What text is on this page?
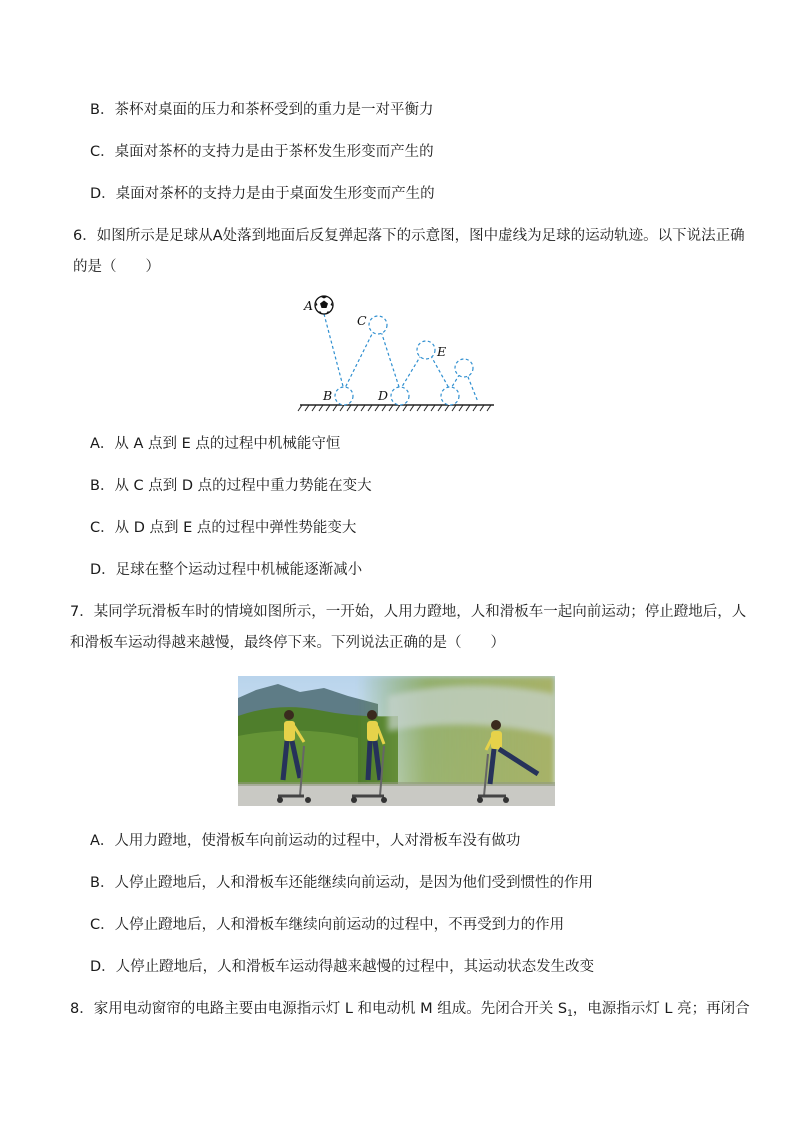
B．茶杯对桌面的压力和茶杯受到的重力是一对平衡力
C．桌面对茶杯的支持力是由于茶杯发生形变而产生的
D．桌面对茶杯的支持力是由于桌面发生形变而产生的
6．如图所示是足球从A处落到地面后反复弹起落下的示意图，图中虚线为足球的运动轨迹。以下说法正确
的是（　　）
A
C
E
B	D
A．从 A 点到 E 点的过程中机械能守恒
B．从 C 点到 D 点的过程中重力势能在变大
C．从 D 点到 E 点的过程中弹性势能变大
D．足球在整个运动过程中机械能逐渐减小
7．某同学玩滑板车时的情境如图所示，一开始，人用力蹬地，人和滑板车一起向前运动；停止蹬地后，人
和滑板车运动得越来越慢，最终停下来。下列说法正确的是（　　）
A．人用力蹬地，使滑板车向前运动的过程中，人对滑板车没有做功
B．人停止蹬地后，人和滑板车还能继续向前运动，是因为他们受到惯性的作用
C．人停止蹬地后，人和滑板车继续向前运动的过程中，不再受到力的作用
D．人停止蹬地后，人和滑板车运动得越来越慢的过程中，其运动状态发生改变
8．家用电动窗帘的电路主要由电源指示灯 L 和电动机 M 组成。先闭合开关 $S_1$，电源指示灯 L 亮；再闭合
